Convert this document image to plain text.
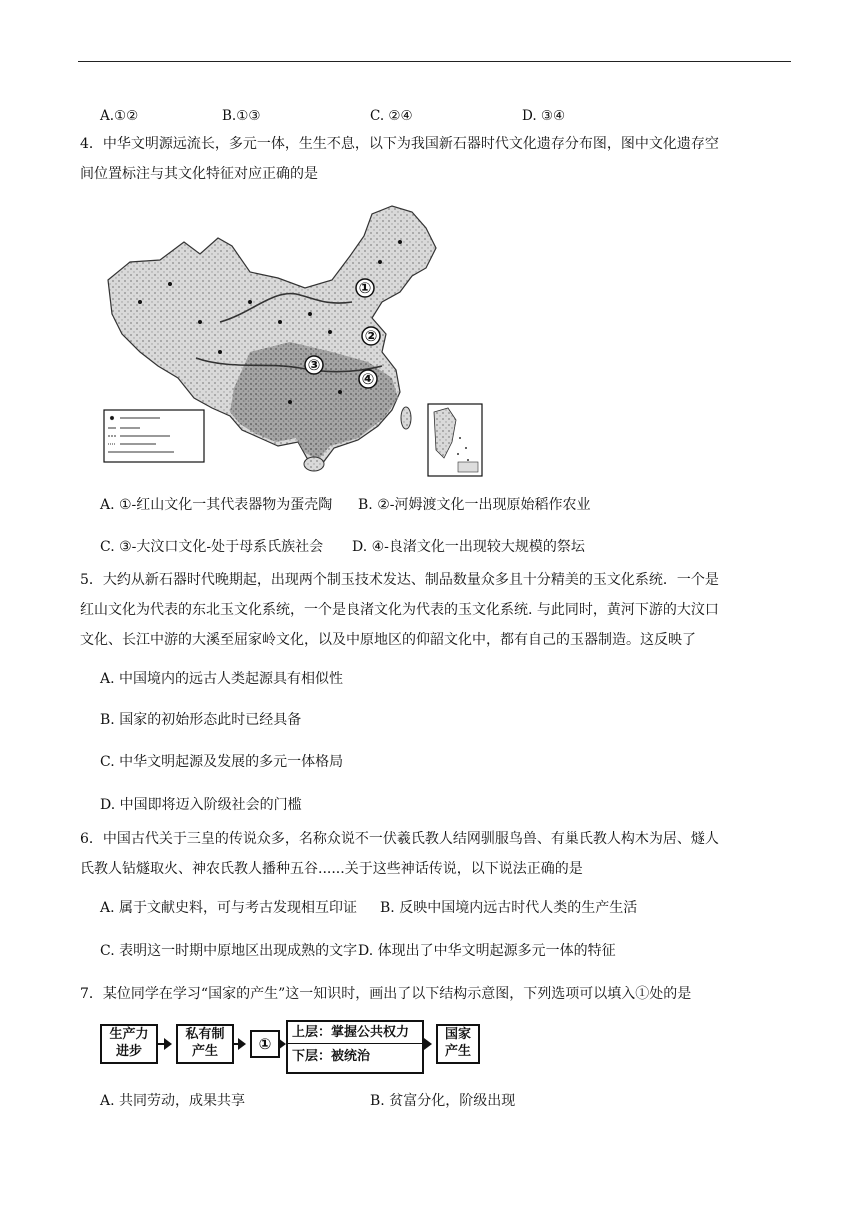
A.①②	B.①③	C. ②④	D. ③④
4．中华文明源远流长，多元一体，生生不息，以下为我国新石器时代文化遗存分布图，图中文化遗存空
间位置标注与其文化特征对应正确的是
①
②
③
④
A. ①-红山文化一其代表器物为蛋壳陶 B. ②-河姆渡文化一出现原始稻作农业
C. ③-大汶口文化-处于母系氏族社会 D. ④-良渚文化一出现较大规模的祭坛
5．大约从新石器时代晚期起，出现两个制玉技术发达、制品数量众多且十分精美的玉文化系统．一个是
红山文化为代表的东北玉文化系统，一个是良渚文化为代表的玉文化系统. 与此同时，黄河下游的大汶口
文化、长江中游的大溪至屈家岭文化，以及中原地区的仰韶文化中，都有自己的玉器制造。这反映了
A. 中国境内的远古人类起源具有相似性
B. 国家的初始形态此时已经具备
C. 中华文明起源及发展的多元一体格局
D. 中国即将迈入阶级社会的门槛
6．中国古代关于三皇的传说众多，名称众说不一伏羲氏教人结网驯服鸟兽、有巢氏教人构木为居、燧人
氏教人钻燧取火、神农氏教人播种五谷......关于这些神话传说，以下说法正确的是
A. 属于文献史料，可与考古发现相互印证 B. 反映中国境内远古时代人类的生产生活
C. 表明这一时期中原地区出现成熟的文字 D. 体现出了中华文明起源多元一体的特征
7．某位同学在学习“国家的产生”这一知识时，画出了以下结构示意图，下列选项可以填入①处的是
生产力
进步
私有制
产生	①
上层：掌握公共权力
下层：被统治
国家
产生
A. 共同劳动，成果共享	B. 贫富分化，阶级出现
